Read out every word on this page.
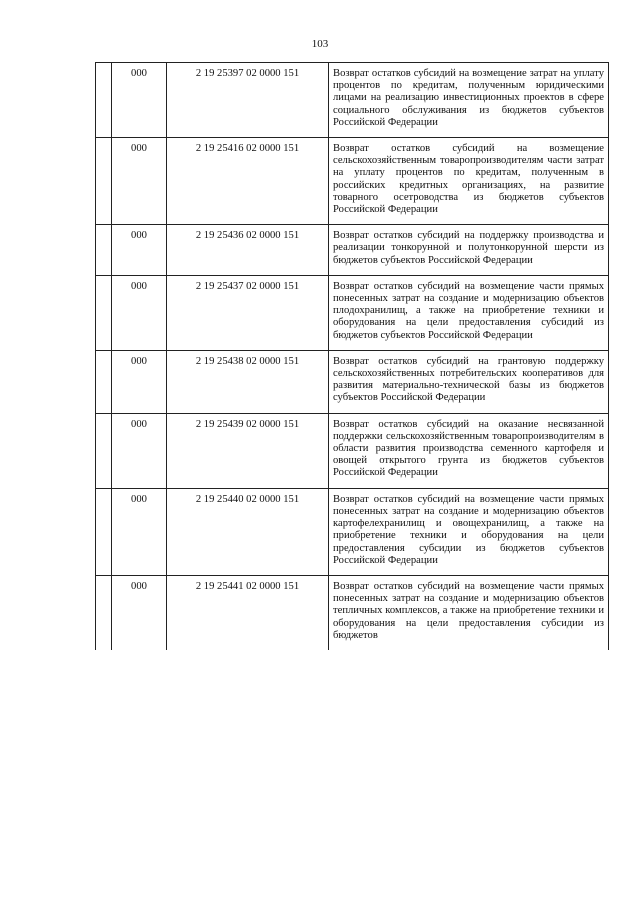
103
	000	2 19 25397 02 0000 151	Возврат остатков субсидий на возмещение затрат на уплату процентов по кредитам, полученным юридическими лицами на реализацию инвестиционных проектов в сфере социального обслуживания из бюджетов субъектов Российской Федерации
	000	2 19 25416 02 0000 151	Возврат остатков субсидий на возмещение сельскохозяйственным товаропроизводителям части затрат на уплату процентов по кредитам, полученным в российских кредитных организациях, на развитие товарного осетроводства из бюджетов субъектов Российской Федерации
	000	2 19 25436 02 0000 151	Возврат остатков субсидий на поддержку производства и реализации тонкорунной и полутонкорунной шерсти из бюджетов субъектов Российской Федерации
	000	2 19 25437 02 0000 151	Возврат остатков субсидий на возмещение части прямых понесенных затрат на создание и модернизацию объектов плодохранилищ, а также на приобретение техники и оборудования на цели предоставления субсидий из бюджетов субъектов Российской Федерации
	000	2 19 25438 02 0000 151	Возврат остатков субсидий на грантовую поддержку сельскохозяйственных потребительских кооперативов для развития материально-технической базы из бюджетов субъектов Российской Федерации
	000	2 19 25439 02 0000 151	Возврат остатков субсидий на оказание несвязанной поддержки сельскохозяйственным товаропроизводителям в области развития производства семенного картофеля и овощей открытого грунта из бюджетов субъектов Российской Федерации
	000	2 19 25440 02 0000 151	Возврат остатков субсидий на возмещение части прямых понесенных затрат на создание и модернизацию объектов картофелехранилищ и овощехранилищ, а также на приобретение техники и оборудования на цели предоставления субсидии из бюджетов субъектов Российской Федерации
	000	2 19 25441 02 0000 151	Возврат остатков субсидий на возмещение части прямых понесенных затрат на создание и модернизацию объектов тепличных комплексов, а также на приобретение техники и оборудования на цели предоставления субсидии из бюджетов
